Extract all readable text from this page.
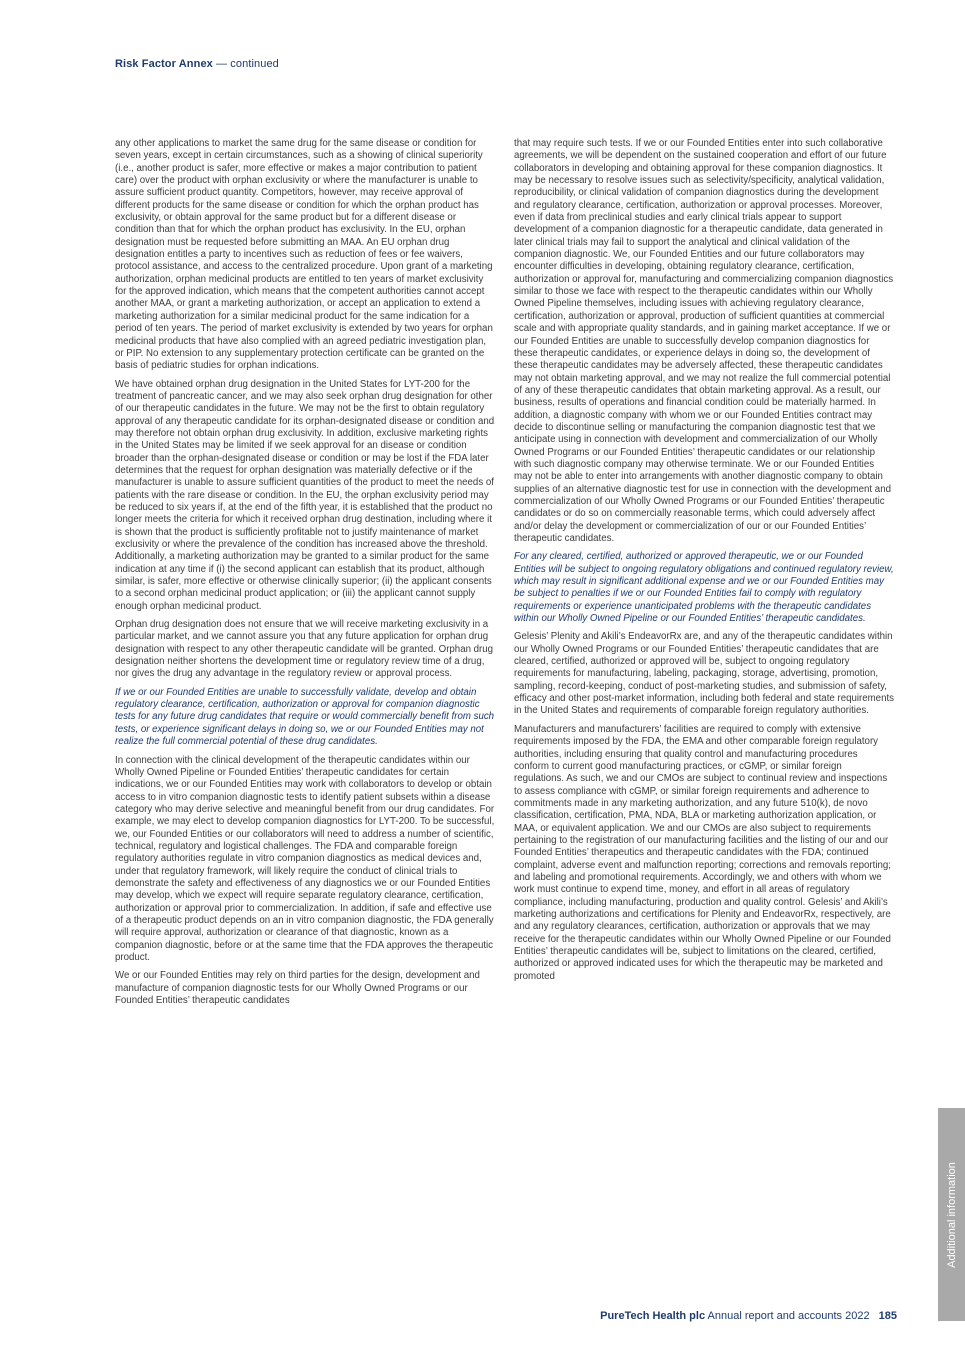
Risk Factor Annex — continued

any other applications to market the same drug for the same disease or condition for seven years, except in certain circumstances, such as a showing of clinical superiority (i.e., another product is safer, more effective or makes a major contribution to patient care) over the product with orphan exclusivity or where the manufacturer is unable to assure sufficient product quantity. Competitors, however, may receive approval of different products for the same disease or condition for which the orphan product has exclusivity, or obtain approval for the same product but for a different disease or condition than that for which the orphan product has exclusivity. In the EU, orphan designation must be requested before submitting an MAA. An EU orphan drug designation entitles a party to incentives such as reduction of fees or fee waivers, protocol assistance, and access to the centralized procedure. Upon grant of a marketing authorization, orphan medicinal products are entitled to ten years of market exclusivity for the approved indication, which means that the competent authorities cannot accept another MAA, or grant a marketing authorization, or accept an application to extend a marketing authorization for a similar medicinal product for the same indication for a period of ten years. The period of market exclusivity is extended by two years for orphan medicinal products that have also complied with an agreed pediatric investigation plan, or PIP. No extension to any supplementary protection certificate can be granted on the basis of pediatric studies for orphan indications.

We have obtained orphan drug designation in the United States for LYT-200 for the treatment of pancreatic cancer, and we may also seek orphan drug designation for other of our therapeutic candidates in the future. We may not be the first to obtain regulatory approval of any therapeutic candidate for its orphan-designated disease or condition and may therefore not obtain orphan drug exclusivity. In addition, exclusive marketing rights in the United States may be limited if we seek approval for an disease or condition broader than the orphan-designated disease or condition or may be lost if the FDA later determines that the request for orphan designation was materially defective or if the manufacturer is unable to assure sufficient quantities of the product to meet the needs of patients with the rare disease or condition. In the EU, the orphan exclusivity period may be reduced to six years if, at the end of the fifth year, it is established that the product no longer meets the criteria for which it received orphan drug destination, including where it is shown that the product is sufficiently profitable not to justify maintenance of market exclusivity or where the prevalence of the condition has increased above the threshold. Additionally, a marketing authorization may be granted to a similar product for the same indication at any time if (i) the second applicant can establish that its product, although similar, is safer, more effective or otherwise clinically superior; (ii) the applicant consents to a second orphan medicinal product application; or (iii) the applicant cannot supply enough orphan medicinal product.

Orphan drug designation does not ensure that we will receive marketing exclusivity in a particular market, and we cannot assure you that any future application for orphan drug designation with respect to any other therapeutic candidate will be granted. Orphan drug designation neither shortens the development time or regulatory review time of a drug, nor gives the drug any advantage in the regulatory review or approval process.

If we or our Founded Entities are unable to successfully validate, develop and obtain regulatory clearance, certification, authorization or approval for companion diagnostic tests for any future drug candidates that require or would commercially benefit from such tests, or experience significant delays in doing so, we or our Founded Entities may not realize the full commercial potential of these drug candidates.

In connection with the clinical development of the therapeutic candidates within our Wholly Owned Pipeline or Founded Entities’ therapeutic candidates for certain indications, we or our Founded Entities may work with collaborators to develop or obtain access to in vitro companion diagnostic tests to identify patient subsets within a disease category who may derive selective and meaningful benefit from our drug candidates. For example, we may elect to develop companion diagnostics for LYT-200. To be successful, we, our Founded Entities or our collaborators will need to address a number of scientific, technical, regulatory and logistical challenges. The FDA and comparable foreign regulatory authorities regulate in vitro companion diagnostics as medical devices and, under that regulatory framework, will likely require the conduct of clinical trials to demonstrate the safety and effectiveness of any diagnostics we or our Founded Entities may develop, which we expect will require separate regulatory clearance, certification, authorization or approval prior to commercialization. In addition, if safe and effective use of a therapeutic product depends on an in vitro companion diagnostic, the FDA generally will require approval, authorization or clearance of that diagnostic, known as a companion diagnostic, before or at the same time that the FDA approves the therapeutic product.

We or our Founded Entities may rely on third parties for the design, development and manufacture of companion diagnostic tests for our Wholly Owned Programs or our Founded Entities’ therapeutic candidates

that may require such tests. If we or our Founded Entities enter into such collaborative agreements, we will be dependent on the sustained cooperation and effort of our future collaborators in developing and obtaining approval for these companion diagnostics. It may be necessary to resolve issues such as selectivity/specificity, analytical validation, reproducibility, or clinical validation of companion diagnostics during the development and regulatory clearance, certification, authorization or approval processes. Moreover, even if data from preclinical studies and early clinical trials appear to support development of a companion diagnostic for a therapeutic candidate, data generated in later clinical trials may fail to support the analytical and clinical validation of the companion diagnostic. We, our Founded Entities and our future collaborators may encounter difficulties in developing, obtaining regulatory clearance, certification, authorization or approval for, manufacturing and commercializing companion diagnostics similar to those we face with respect to the therapeutic candidates within our Wholly Owned Pipeline themselves, including issues with achieving regulatory clearance, certification, authorization or approval, production of sufficient quantities at commercial scale and with appropriate quality standards, and in gaining market acceptance. If we or our Founded Entities are unable to successfully develop companion diagnostics for these therapeutic candidates, or experience delays in doing so, the development of these therapeutic candidates may be adversely affected, these therapeutic candidates may not obtain marketing approval, and we may not realize the full commercial potential of any of these therapeutic candidates that obtain marketing approval. As a result, our business, results of operations and financial condition could be materially harmed. In addition, a diagnostic company with whom we or our Founded Entities contract may decide to discontinue selling or manufacturing the companion diagnostic test that we anticipate using in connection with development and commercialization of our Wholly Owned Programs or our Founded Entities’ therapeutic candidates or our relationship with such diagnostic company may otherwise terminate. We or our Founded Entities may not be able to enter into arrangements with another diagnostic company to obtain supplies of an alternative diagnostic test for use in connection with the development and commercialization of our Wholly Owned Programs or our Founded Entities’ therapeutic candidates or do so on commercially reasonable terms, which could adversely affect and/or delay the development or commercialization of our or our Founded Entities’ therapeutic candidates.

For any cleared, certified, authorized or approved therapeutic, we or our Founded Entities will be subject to ongoing regulatory obligations and continued regulatory review, which may result in significant additional expense and we or our Founded Entities may be subject to penalties if we or our Founded Entities fail to comply with regulatory requirements or experience unanticipated problems with the therapeutic candidates within our Wholly Owned Pipeline or our Founded Entities’ therapeutic candidates.

Gelesis’ Plenity and Akili’s EndeavorRx are, and any of the therapeutic candidates within our Wholly Owned Programs or our Founded Entities’ therapeutic candidates that are cleared, certified, authorized or approved will be, subject to ongoing regulatory requirements for manufacturing, labeling, packaging, storage, advertising, promotion, sampling, record-keeping, conduct of post-marketing studies, and submission of safety, efficacy and other post-market information, including both federal and state requirements in the United States and requirements of comparable foreign regulatory authorities.

Manufacturers and manufacturers’ facilities are required to comply with extensive requirements imposed by the FDA, the EMA and other comparable foreign regulatory authorities, including ensuring that quality control and manufacturing procedures conform to current good manufacturing practices, or cGMP, or similar foreign regulations. As such, we and our CMOs are subject to continual review and inspections to assess compliance with cGMP, or similar foreign requirements and adherence to commitments made in any marketing authorization, and any future 510(k), de novo classification, certification, PMA, NDA, BLA or marketing authorization application, or MAA, or equivalent application. We and our CMOs are also subject to requirements pertaining to the registration of our manufacturing facilities and the listing of our and our Founded Entities’ therapeutics and therapeutic candidates with the FDA; continued complaint, adverse event and malfunction reporting; corrections and removals reporting; and labeling and promotional requirements. Accordingly, we and others with whom we work must continue to expend time, money, and effort in all areas of regulatory compliance, including manufacturing, production and quality control. Gelesis’ and Akili’s marketing authorizations and certifications for Plenity and EndeavorRx, respectively, are and any regulatory clearances, certification, authorization or approvals that we may receive for the therapeutic candidates within our Wholly Owned Pipeline or our Founded Entities’ therapeutic candidates will be, subject to limitations on the cleared, certified, authorized or approved indicated uses for which the therapeutic may be marketed and promoted

Additional information
PureTech Health plc Annual report and accounts 2022 185
